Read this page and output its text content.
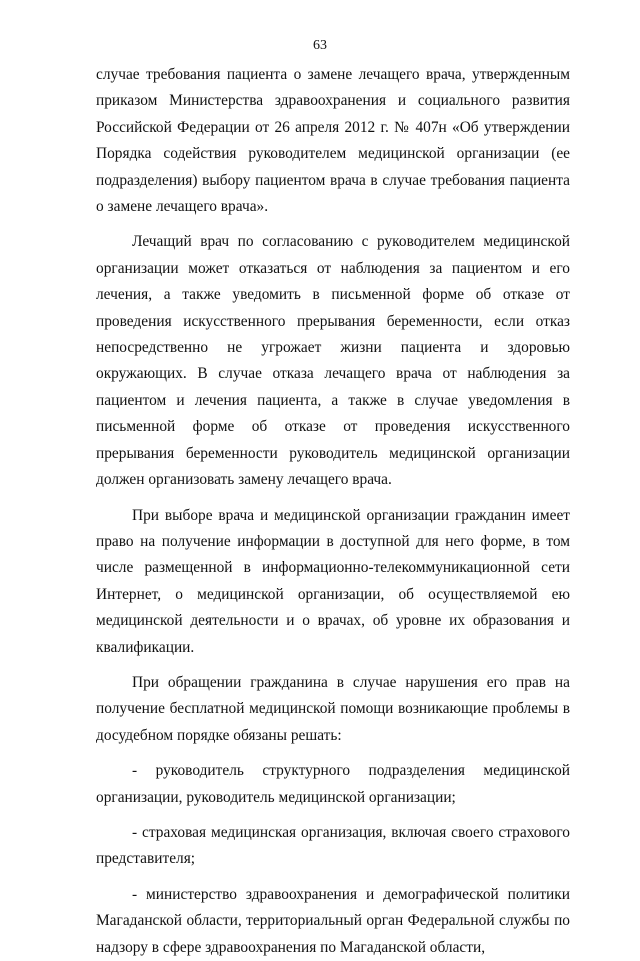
63

случае требования пациента о замене лечащего врача, утвержденным приказом Министерства здравоохранения и социального развития Российской Федерации от 26 апреля 2012 г. № 407н «Об утверждении Порядка содействия руководителем медицинской организации (ее подразделения) выбору пациентом врача в случае требования пациента о замене лечащего врача».

Лечащий врач по согласованию с руководителем медицинской организации может отказаться от наблюдения за пациентом и его лечения, а также уведомить в письменной форме об отказе от проведения искусственного прерывания беременности, если отказ непосредственно не угрожает жизни пациента и здоровью окружающих. В случае отказа лечащего врача от наблюдения за пациентом и лечения пациента, а также в случае уведомления в письменной форме об отказе от проведения искусственного прерывания беременности руководитель медицинской организации должен организовать замену лечащего врача.

При выборе врача и медицинской организации гражданин имеет право на получение информации в доступной для него форме, в том числе размещенной в информационно-телекоммуникационной сети Интернет, о медицинской организации, об осуществляемой ею медицинской деятельности и о врачах, об уровне их образования и квалификации.

При обращении гражданина в случае нарушения его прав на получение бесплатной медицинской помощи возникающие проблемы в досудебном порядке обязаны решать:

- руководитель структурного подразделения медицинской организации, руководитель медицинской организации;

- страховая медицинская организация, включая своего страхового представителя;

- министерство здравоохранения и демографической политики Магаданской области, территориальный орган Федеральной службы по надзору в сфере здравоохранения по Магаданской области,
